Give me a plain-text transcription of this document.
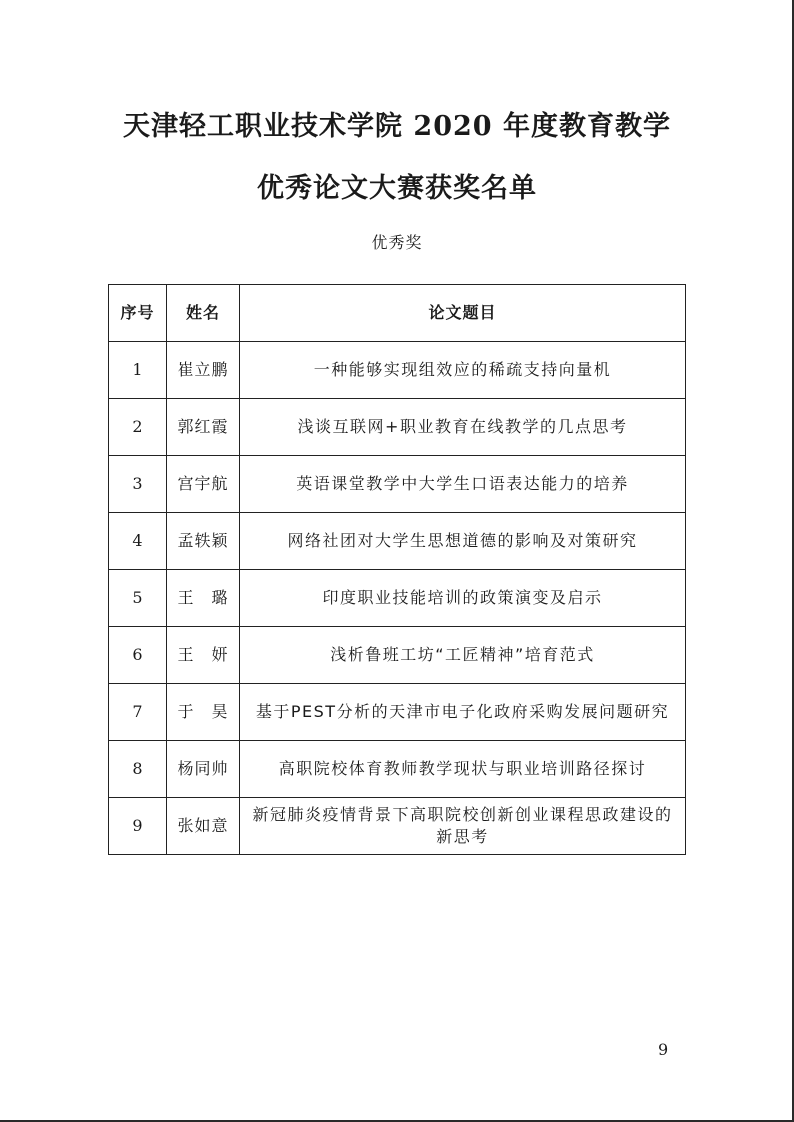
天津轻工职业技术学院 2020 年度教育教学
优秀论文大赛获奖名单
优秀奖
序号	姓名	论文题目
1	崔立鹏	一种能够实现组效应的稀疏支持向量机
2	郭红霞	浅谈互联网+职业教育在线教学的几点思考
3	宫宇航	英语课堂教学中大学生口语表达能力的培养
4	孟轶颖	网络社团对大学生思想道德的影响及对策研究
5	王　璐	印度职业技能培训的政策演变及启示
6	王　妍	浅析鲁班工坊“工匠精神”培育范式
7	于　昊	基于PEST分析的天津市电子化政府采购发展问题研究
8	杨同帅	高职院校体育教师教学现状与职业培训路径探讨
9	张如意	新冠肺炎疫情背景下高职院校创新创业课程思政建设的新思考
9
